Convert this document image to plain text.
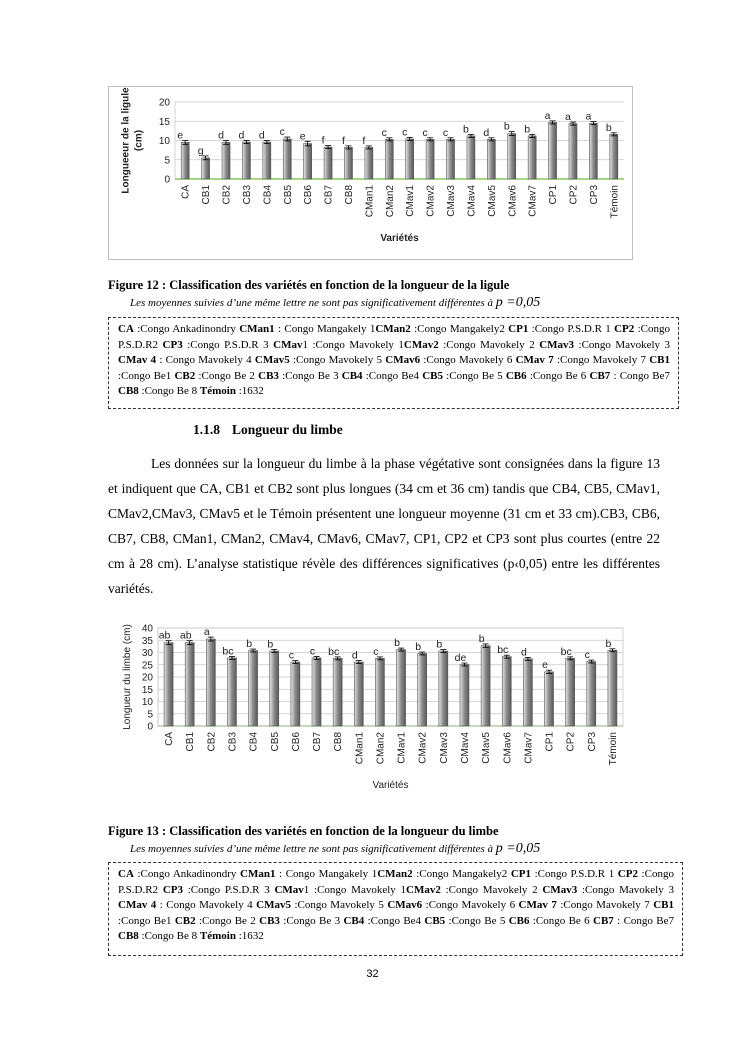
0
5
10
15
20
e
CA
g
CB1
d
CB2
d
CB3
d
CB4
c
CB5
e
CB6
f
CB7
f
CB8
f
CMan1
c
CMan2
c
CMav1
c
CMav2
c
CMav3
b
CMav4
d
CMav5
b
CMav6
b
CMav7
a
CP1
a
CP2
a
CP3
b
Témoin
Variétés
Longueeur de la ligule (cm)
Figure 12 : Classification des variétés en fonction de la longueur de la ligule
Les moyennes suivies d’une même lettre ne sont pas significativement différentes à p =0,05
CA :Congo Ankadinondry CMan1 : Congo Mangakely 1CMan2 :Congo Mangakely2 CP1 :Congo P.S.D.R 1 CP2 :Congo P.S.D.R2 CP3 :Congo P.S.D.R 3 CMav1 :Congo Mavokely 1CMav2 :Congo Mavokely 2 CMav3 :Congo Mavokely 3 CMav 4 : Congo Mavokely 4 CMav5 :Congo Mavokely 5 CMav6 :Congo Mavokely 6 CMav 7 :Congo Mavokely 7 CB1 :Congo Be1 CB2 :Congo Be 2 CB3 :Congo Be 3 CB4 :Congo Be4 CB5 :Congo Be 5 CB6 :Congo Be 6 CB7 : Congo Be7 CB8 :Congo Be 8 Témoin :1632
1.1.8 Longueur du limbe

Les données sur la longueur du limbe à la phase végétative sont consignées dans la figure 13 et indiquent que CA, CB1 et CB2 sont plus longues (34 cm et 36 cm) tandis que CB4, CB5, CMav1, CMav2,CMav3, CMav5 et le Témoin présentent une longueur moyenne (31 cm et 33 cm).CB3, CB6, CB7, CB8, CMan1, CMan2, CMav4, CMav6, CMav7, CP1, CP2 et CP3 sont plus courtes (entre 22 cm à 28 cm). L’analyse statistique révèle des différences significatives (p‹0,05) entre les différentes variétés.

0
5
10
15
20
25
30
35
40
ab
CA
ab
CB1
a
CB2
bc
CB3
b
CB4
b
CB5
c
CB6
c
CB7
bc
CB8
d
CMan1
c
CMan2
b
CMav1
b
CMav2
b
CMav3
de
CMav4
b
CMav5
bc
CMav6
d
CMav7
e
CP1
bc
CP2
c
CP3
b
Témoin
Variétés
Longueur du limbe (cm)
Figure 13 : Classification des variétés en fonction de la longueur du limbe
Les moyennes suivies d’une même lettre ne sont pas significativement différentes à p =0,05
CA :Congo Ankadinondry CMan1 : Congo Mangakely 1CMan2 :Congo Mangakely2 CP1 :Congo P.S.D.R 1 CP2 :Congo P.S.D.R2 CP3 :Congo P.S.D.R 3 CMav1 :Congo Mavokely 1CMav2 :Congo Mavokely 2 CMav3 :Congo Mavokely 3 CMav 4 : Congo Mavokely 4 CMav5 :Congo Mavokely 5 CMav6 :Congo Mavokely 6 CMav 7 :Congo Mavokely 7 CB1 :Congo Be1 CB2 :Congo Be 2 CB3 :Congo Be 3 CB4 :Congo Be4 CB5 :Congo Be 5 CB6 :Congo Be 6 CB7 : Congo Be7 CB8 :Congo Be 8 Témoin :1632
32
